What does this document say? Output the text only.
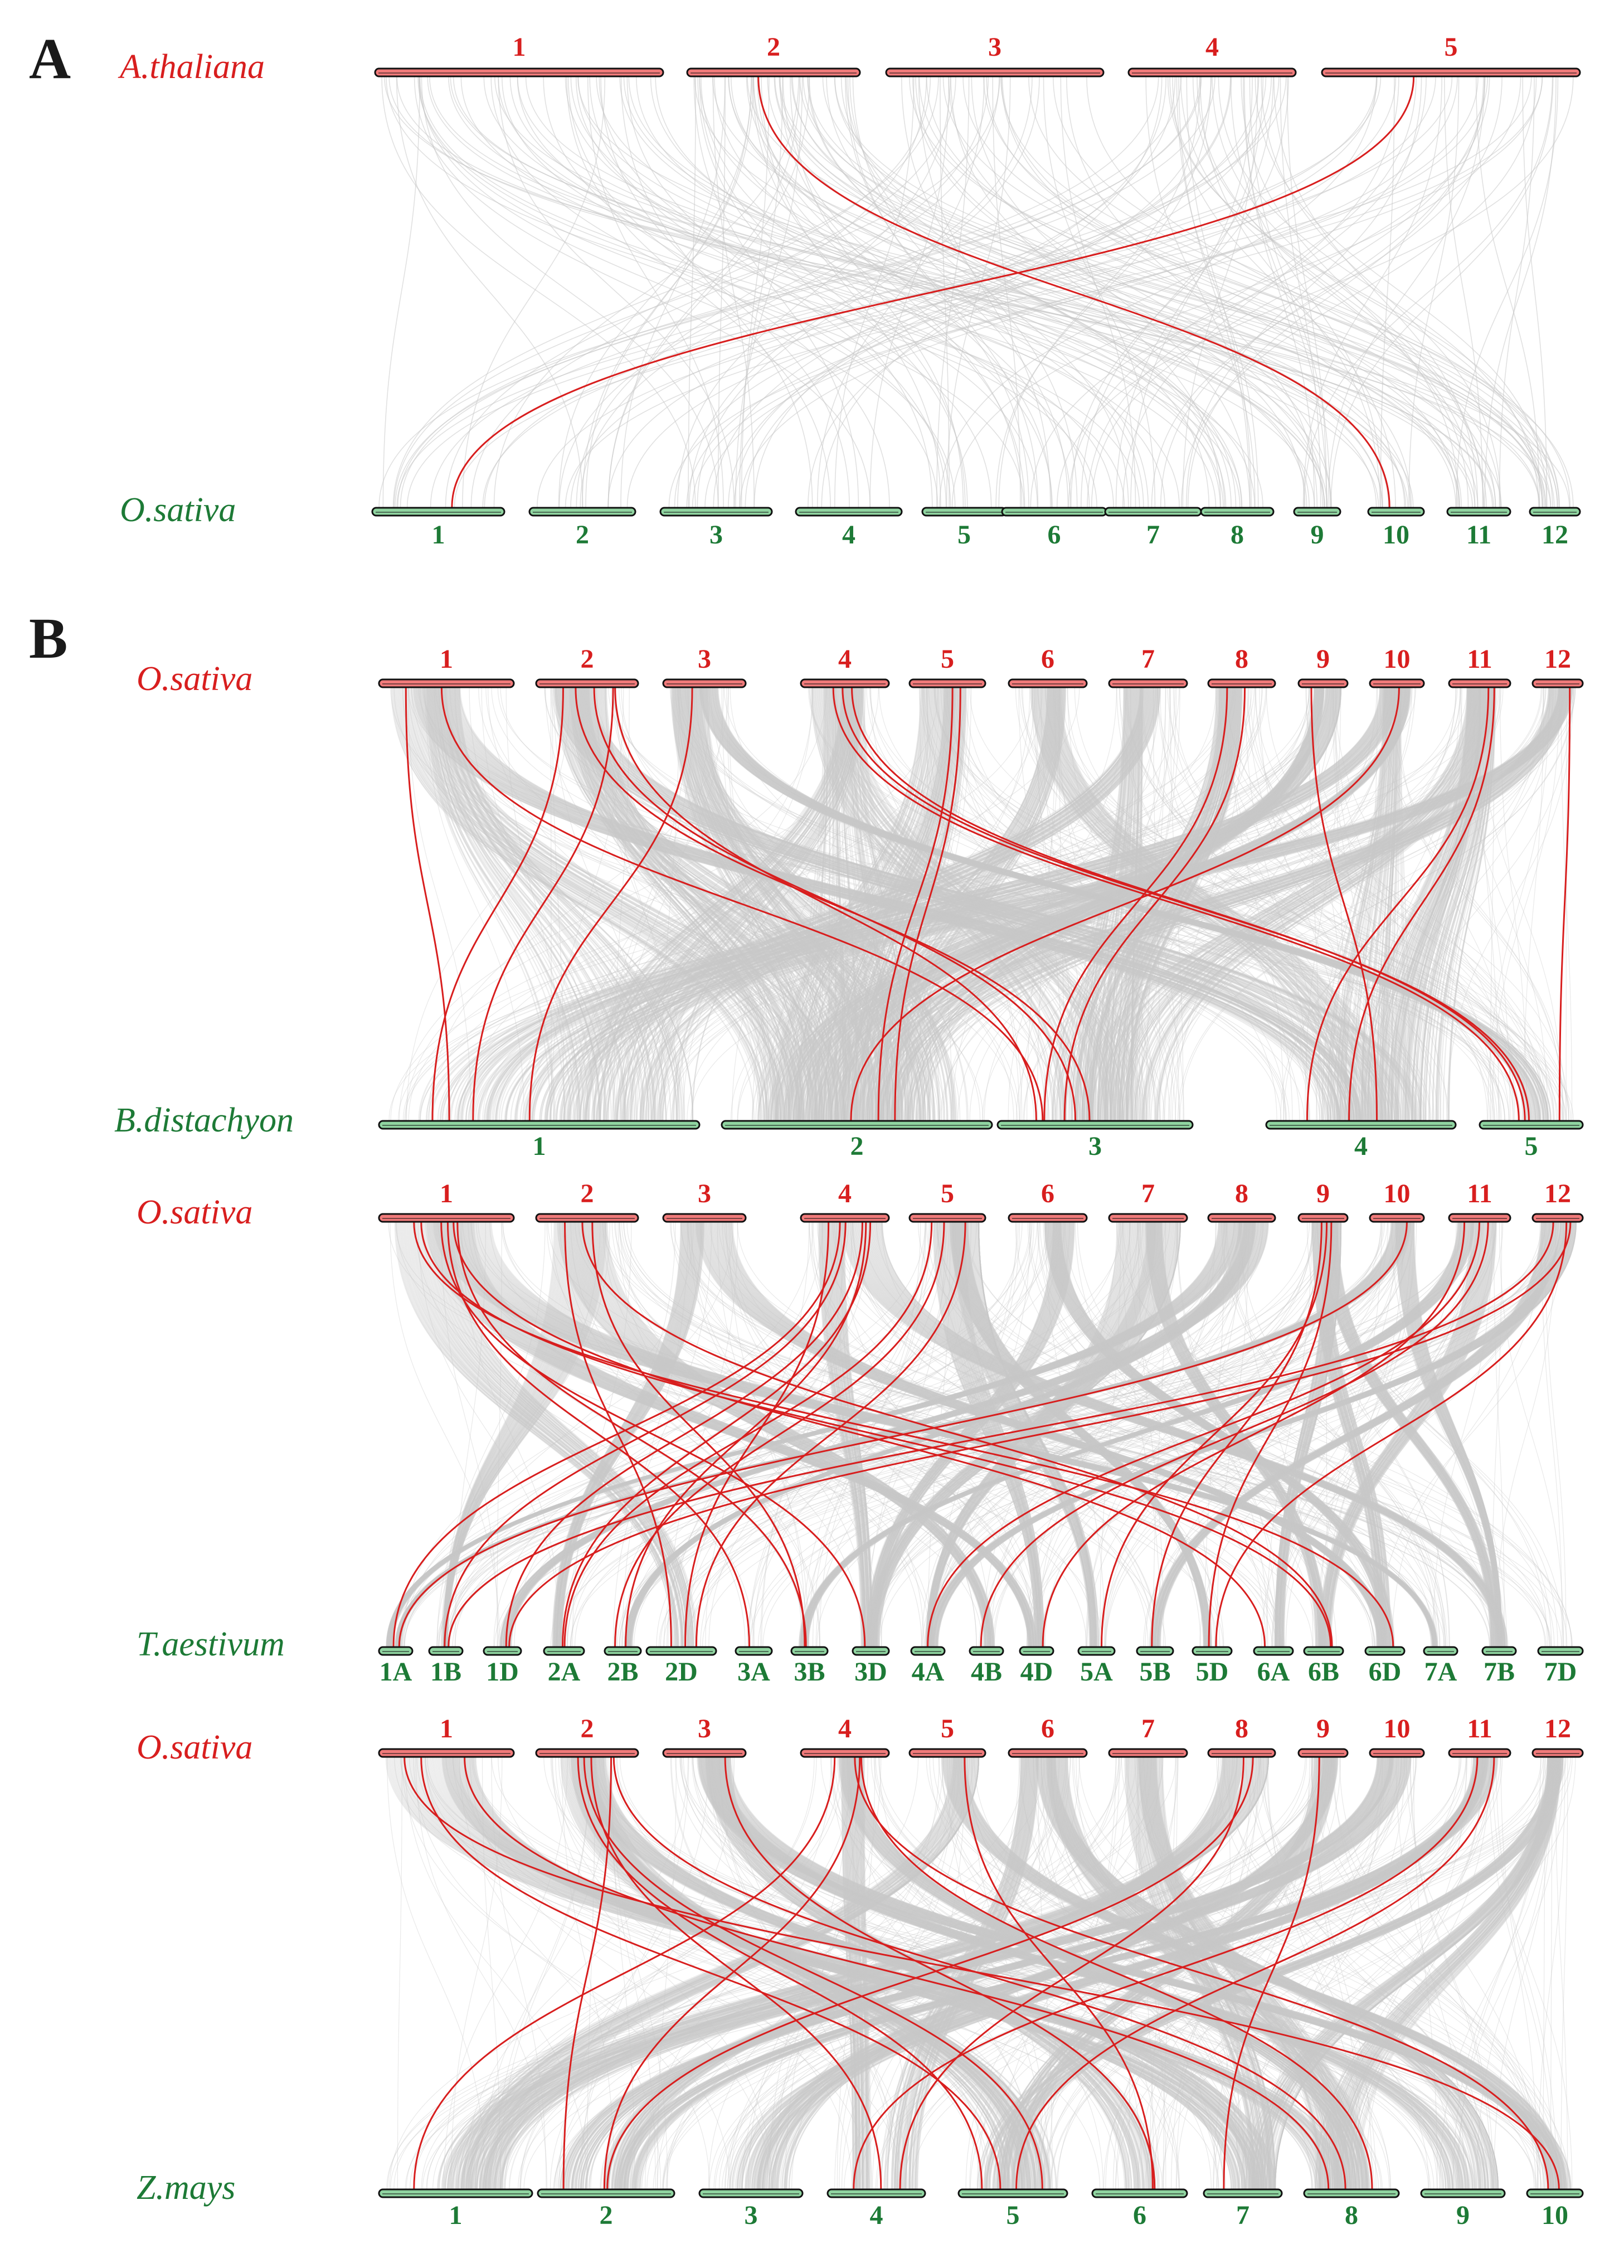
A	1	2	3	4	5
1	2	3	4	5	6	7	8 9 10 11 12
A.thaliana
O.sativa
B	1	2	3	4	5	6	7	8	9 10 11 12
1	2	3	4	5
O.sativa
B.distachyon
1	2	3	4	5	6	7	8	9 10 11 12
1A 1B 1D 2A 2B 2D 3A 3B 3D 4A 4B 4D 5A 5B 5D 6A 6B 6D 7A 7B 7D
O.sativa
T.aestivum
1	2	3	4	5	6	7	8	9 10 11 12
1	2	3	4	5	6	7	8	9	10
O.sativa
Z.mays
